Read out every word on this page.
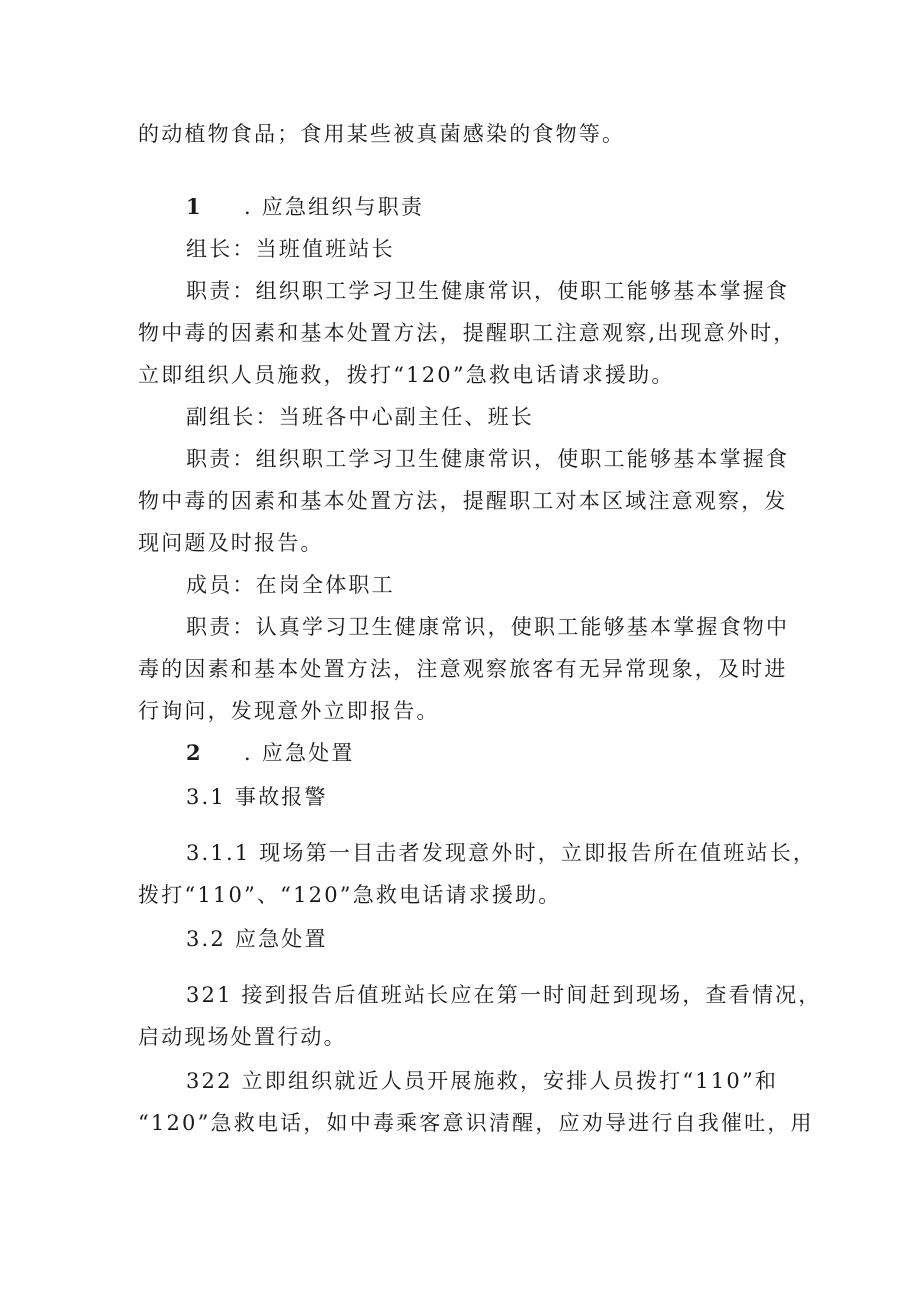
的动植物食品；食用某些被真菌感染的食物等。
1 . 应急组织与职责
组长：当班值班站长
职责：组织职工学习卫生健康常识，使职工能够基本掌握食
物中毒的因素和基本处置方法，提醒职工注意观察,出现意外时，
立即组织人员施救，拨打“120”急救电话请求援助。
副组长：当班各中心副主任、班长
职责：组织职工学习卫生健康常识，使职工能够基本掌握食
物中毒的因素和基本处置方法，提醒职工对本区域注意观察，发
现问题及时报告。
成员：在岗全体职工
职责：认真学习卫生健康常识，使职工能够基本掌握食物中
毒的因素和基本处置方法，注意观察旅客有无异常现象，及时进
行询问，发现意外立即报告。
2 . 应急处置
3.1 事故报警
3.1.1 现场第一目击者发现意外时，立即报告所在值班站长，
拨打“110”、“120”急救电话请求援助。
3.2 应急处置
321 接到报告后值班站长应在第一时间赶到现场，查看情况，
启动现场处置行动。
322 立即组织就近人员开展施救，安排人员拨打“110”和
“120”急救电话，如中毒乘客意识清醒，应劝导进行自我催吐，用
